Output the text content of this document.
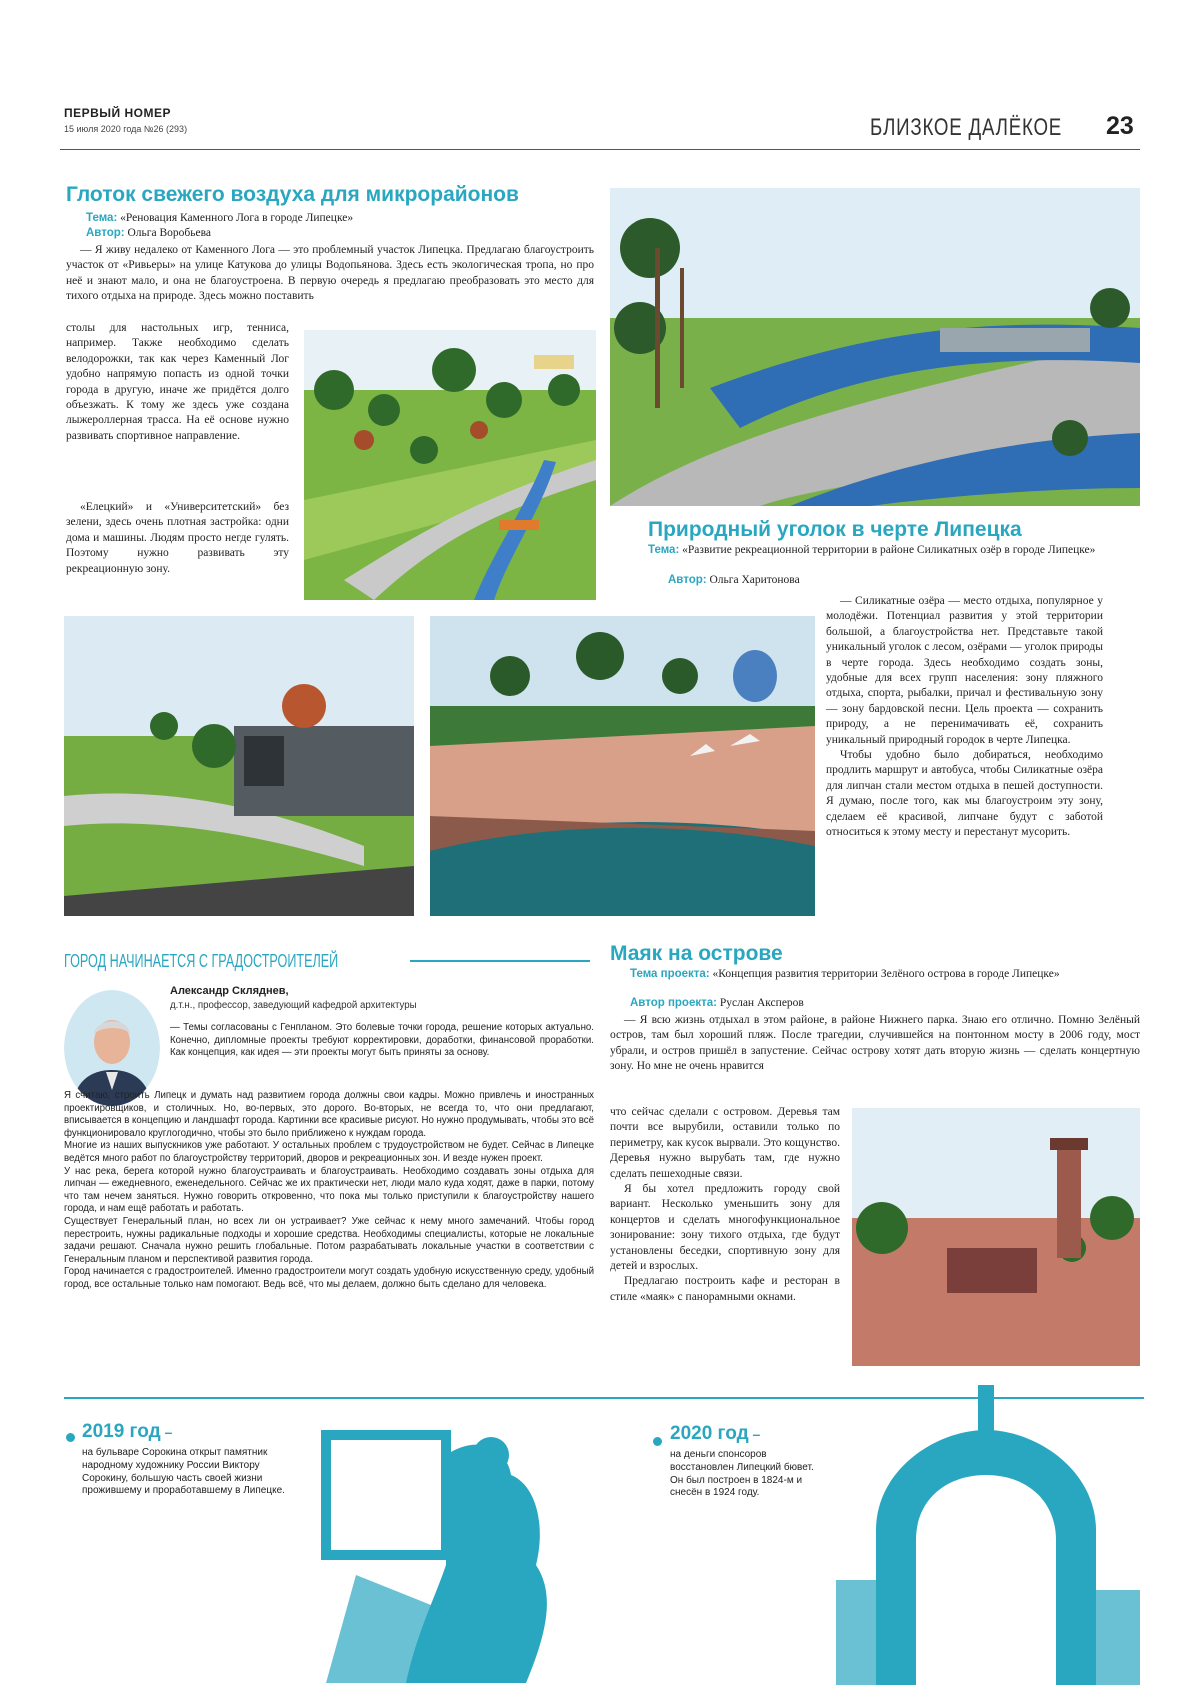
ПЕРВЫЙ НОМЕР
15 июля 2020 года №26 (293)	БЛИЗКОЕ ДАЛЁКОЕ 23
Глоток свежего воздуха для микрорайонов
Тема: «Реновация Каменного Лога в городе Липецке»
Автор: Ольга Воробьева

— Я живу недалеко от Каменного Лога — это проблемный участок Липецка. Предлагаю благоустроить участок от «Ривьеры» на улице Катукова до улицы Водопьянова. Здесь есть экологическая тропа, но про неё и знают мало, и она не благоустроена. В первую очередь я предлагаю преобразовать это место для тихого отдыха на природе. Здесь можно поставить

столы для настольных игр, тенниса, например. Также необходимо сделать велодорожки, так как через Каменный Лог удобно напрямую попасть из одной точки города в другую, иначе же придётся долго объезжать. К тому же здесь уже создана лыжероллерная трасса. На её основе нужно развивать спортивное направление.

«Елецкий» и «Университетский» без зелени, здесь очень плотная застройка: одни дома и машины. Людям просто негде гулять. Поэтому нужно развивать эту рекреационную зону.

Природный уголок в черте Липецка
Тема: «Развитие рекреационной территории в районе Силикатных озёр в городе Липецке»
Автор: Ольга Харитонова

— Силикатные озёра — место отдыха, популярное у молодёжи. Потенциал развития у этой территории большой, а благоустройства нет. Представьте такой уникальный уголок с лесом, озёрами — уголок природы в черте города. Здесь необходимо создать зоны, удобные для всех групп населения: зону пляжного отдыха, спорта, рыбалки, причал и фестивальную зону — зону бардовской песни. Цель проекта — сохранить природу, а не перенимачивать её, сохранить уникальный природный городок в черте Липецка.

Чтобы удобно было добираться, необходимо продлить маршрут и автобуса, чтобы Силикатные озёра для липчан стали местом отдыха в пешей доступности. Я думаю, после того, как мы благоустроим эту зону, сделаем её красивой, липчане будут с заботой относиться к этому месту и перестанут мусорить.

ГОРОД НАЧИНАЕТСЯ С ГРАДОСТРОИТЕЛЕЙ
Александр Скляднев,
д.т.н., профессор, заведующий кафедрой архитектуры

— Темы согласованы с Генпланом. Это болевые точки города, решение которых актуально. Конечно, дипломные проекты требуют корректировки, доработки, финансовой проработки. Как концепция, как идея — эти проекты могут быть приняты за основу.

Я считаю, строить Липецк и думать над развитием города должны свои кадры. Можно привлечь и иностранных проектировщиков, и столичных. Но, во-первых, это дорого. Во-вторых, не всегда то, что они предлагают, вписывается в концепцию и ландшафт города. Картинки все красивые рисуют. Но нужно продумывать, чтобы это всё функционировало круглогодично, чтобы это было приближено к нуждам города.

Многие из наших выпускников уже работают. У остальных проблем с трудоустройством не будет. Сейчас в Липецке ведётся много работ по благоустройству территорий, дворов и рекреационных зон. И везде нужен проект.

У нас река, берега которой нужно благоустраивать и благоустраивать. Необходимо создавать зоны отдыха для липчан — ежедневного, еженедельного. Сейчас же их практически нет, люди мало куда ходят, даже в парки, потому что там нечем заняться. Нужно говорить откровенно, что пока мы только приступили к благоустройству нашего города, и нам ещё работать и работать.

Существует Генеральный план, но всех ли он устраивает? Уже сейчас к нему много замечаний. Чтобы город перестроить, нужны радикальные подходы и хорошие средства. Необходимы специалисты, которые не локальные задачи решают. Сначала нужно решить глобальные. Потом разрабатывать локальные участки в соответствии с Генеральным планом и перспективой развития города.

Город начинается с градостроителей. Именно градостроители могут создать удобную искусственную среду, удобный город, все остальные только нам помогают. Ведь всё, что мы делаем, должно быть сделано для человека.

Маяк на острове
Тема проекта: «Концепция развития территории Зелёного острова в городе Липецке»
Автор проекта: Руслан Аксперов

— Я всю жизнь отдыхал в этом районе, в районе Нижнего парка. Знаю его отлично. Помню Зелёный остров, там был хороший пляж. После трагедии, случившейся на понтонном мосту в 2006 году, мост убрали, и остров пришёл в запустение. Сейчас острову хотят дать вторую жизнь — сделать концертную зону. Но мне не очень нравится

что сейчас сделали с островом. Деревья там почти все вырубили, оставили только по периметру, как кусок вырвали. Это кощунство. Деревья нужно вырубать там, где нужно сделать пешеходные связи.

Я бы хотел предложить городу свой вариант. Несколько уменьшить зону для концертов и сделать многофункциональное зонирование: зону тихого отдыха, где будут установлены беседки, спортивную зону для детей и взрослых.

Предлагаю построить кафе и ресторан в стиле «маяк» с панорамными окнами.

2019 год –
на бульваре Сорокина открыт памятник народному художнику России Виктору Сорокину, большую часть своей жизни прожившему и проработавшему в Липецке.
2020 год –
на деньги спонсоров восстановлен Липецкий бювет. Он был построен в 1824-м и снесён в 1924 году.
